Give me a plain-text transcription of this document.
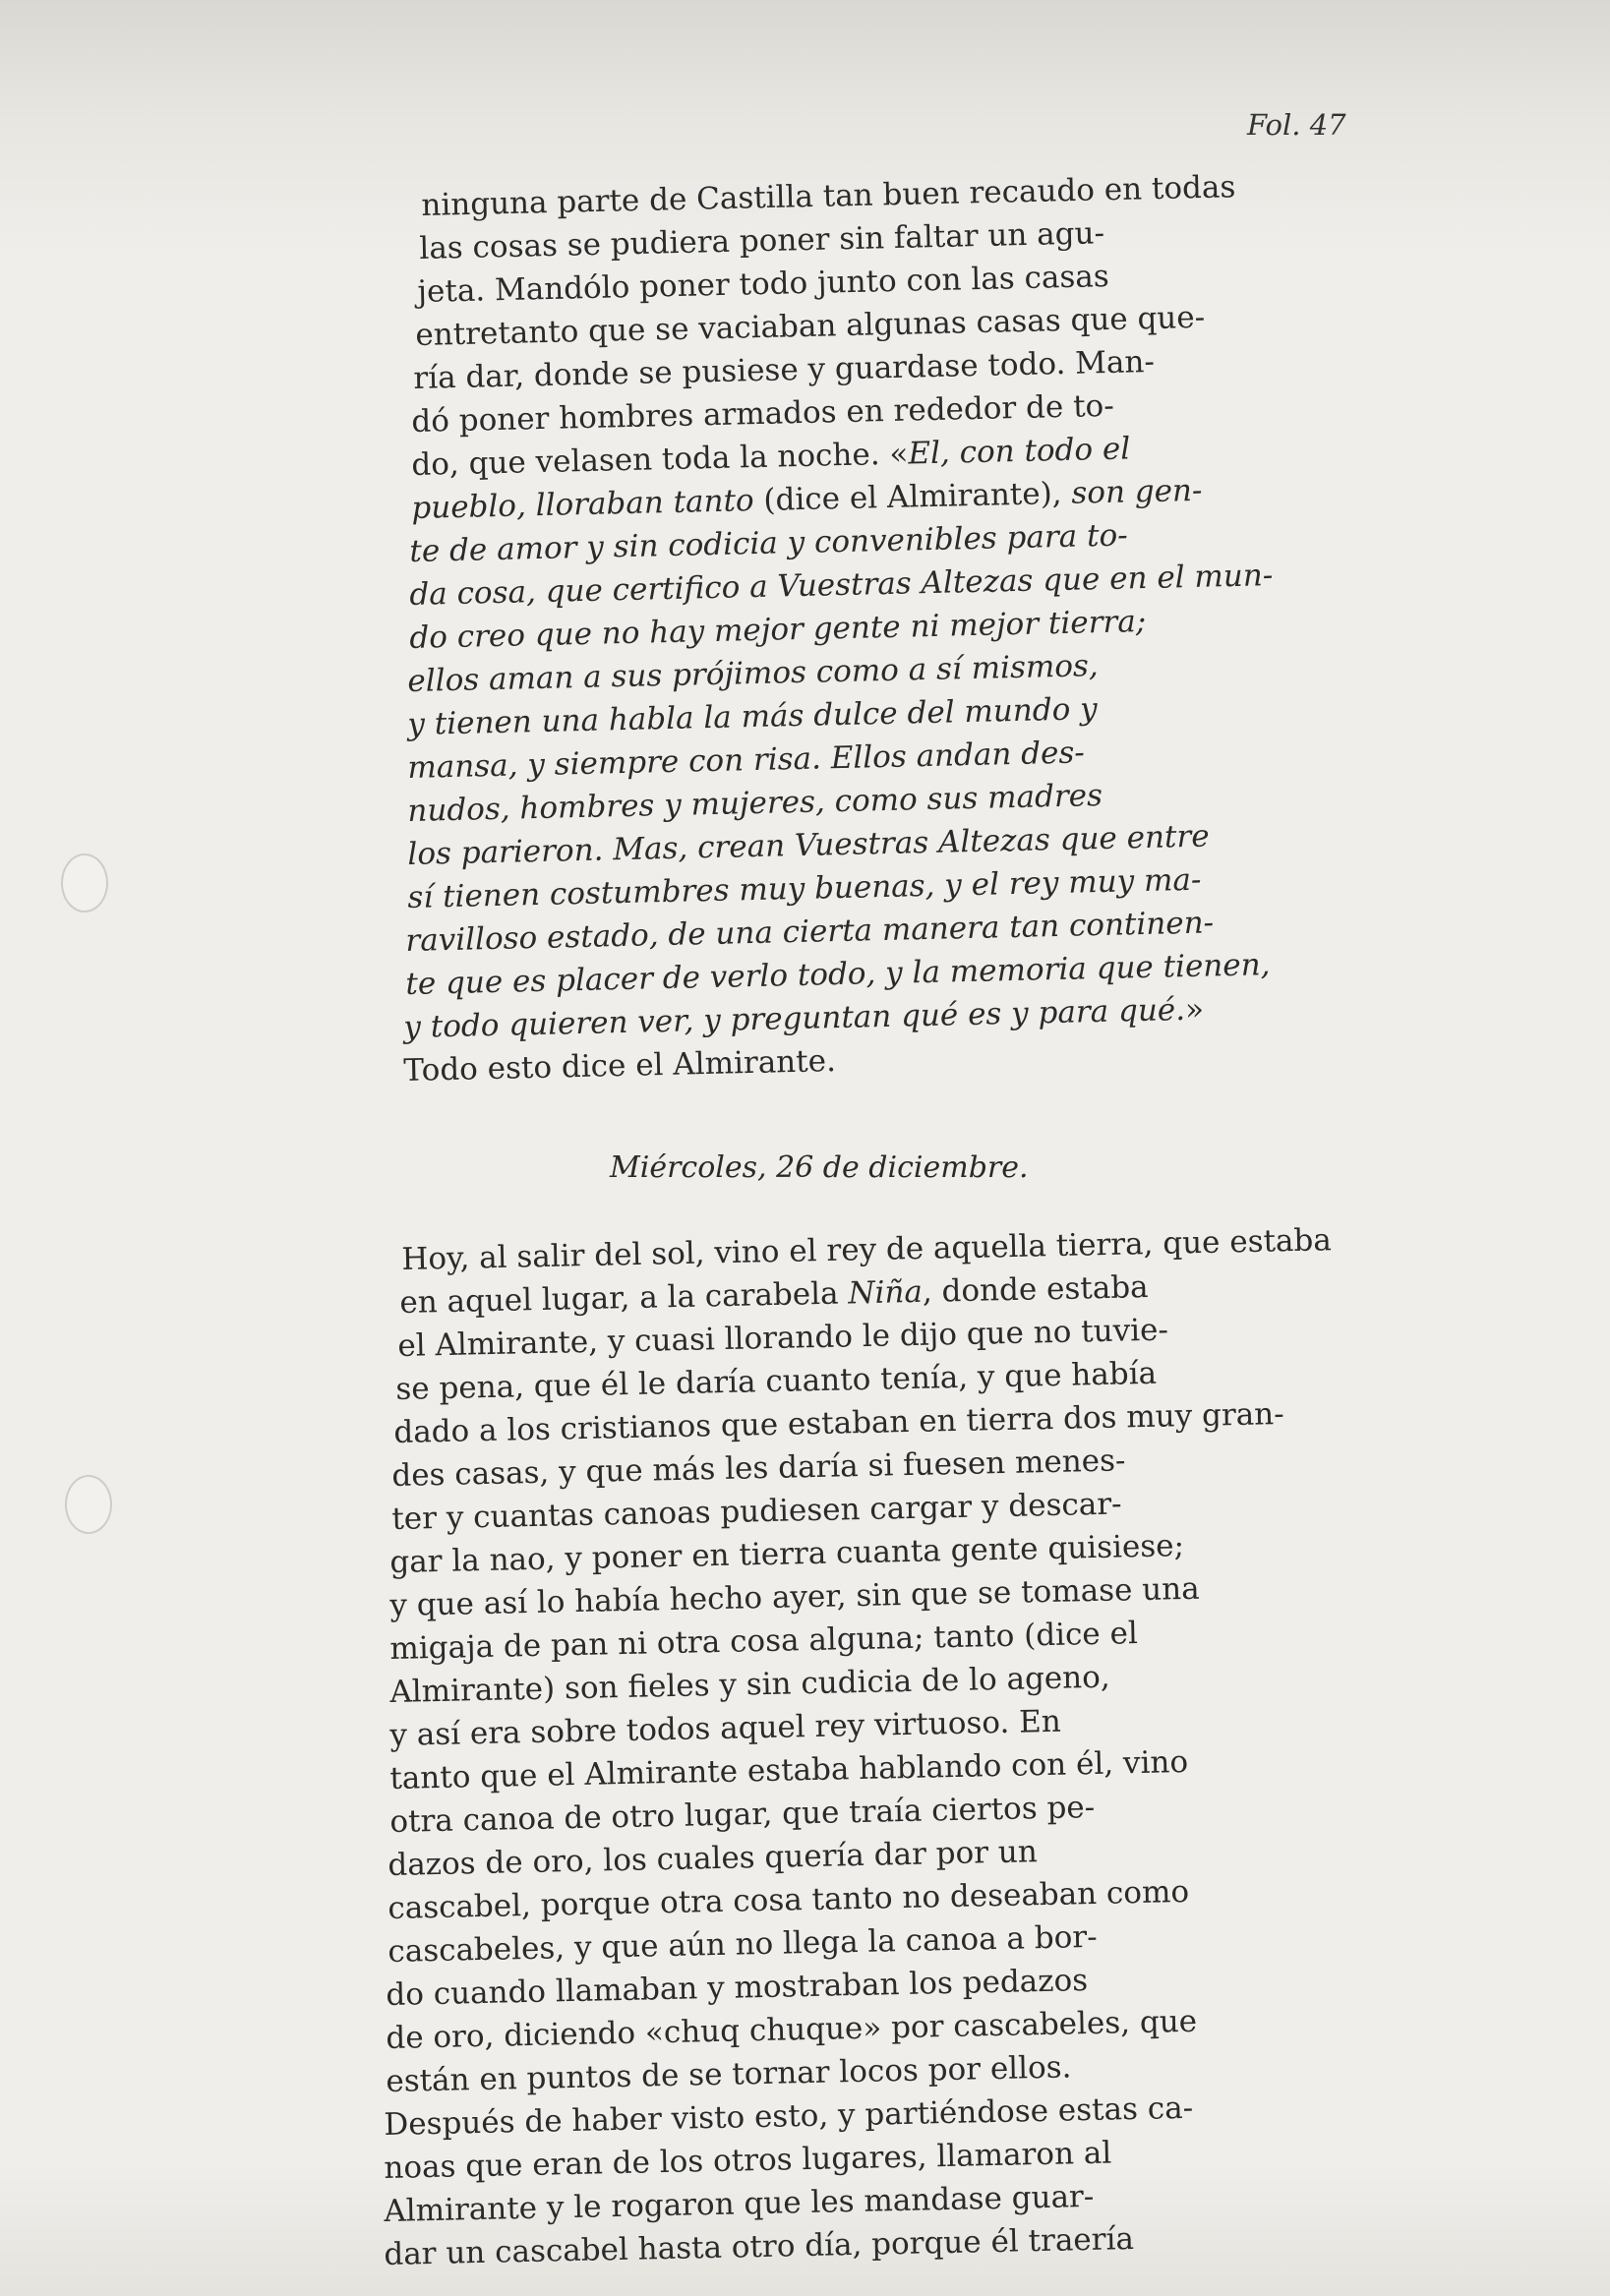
Fol. 47
ninguna parte de Castilla tan buen recaudo en todas
las cosas se pudiera poner sin faltar un agu-
jeta. Mandólo poner todo junto con las casas
entretanto que se vaciaban algunas casas que que-
ría dar, donde se pusiese y guardase todo. Man-
dó poner hombres armados en rededor de to-
do, que velasen toda la noche. «El, con todo el
pueblo, lloraban tanto (dice el Almirante), son gen-
te de amor y sin codicia y convenibles para to-
da cosa, que certifico a Vuestras Altezas que en el mun-
do creo que no hay mejor gente ni mejor tierra;
ellos aman a sus prójimos como a sí mismos,
y tienen una habla la más dulce del mundo y
mansa, y siempre con risa. Ellos andan des-
nudos, hombres y mujeres, como sus madres
los parieron. Mas, crean Vuestras Altezas que entre
sí tienen costumbres muy buenas, y el rey muy ma-
ravilloso estado, de una cierta manera tan continen-
te que es placer de verlo todo, y la memoria que tienen,
y todo quieren ver, y preguntan qué es y para qué.»
Todo esto dice el Almirante.
Miércoles, 26 de diciembre.
Hoy, al salir del sol, vino el rey de aquella tierra, que estaba
en aquel lugar, a la carabela Niña, donde estaba
el Almirante, y cuasi llorando le dijo que no tuvie-
se pena, que él le daría cuanto tenía, y que había
dado a los cristianos que estaban en tierra dos muy gran-
des casas, y que más les daría si fuesen menes-
ter y cuantas canoas pudiesen cargar y descar-
gar la nao, y poner en tierra cuanta gente quisiese;
y que así lo había hecho ayer, sin que se tomase una
migaja de pan ni otra cosa alguna; tanto (dice el
Almirante) son fieles y sin cudicia de lo ageno,
y así era sobre todos aquel rey virtuoso. En
tanto que el Almirante estaba hablando con él, vino
otra canoa de otro lugar, que traía ciertos pe-
dazos de oro, los cuales quería dar por un
cascabel, porque otra cosa tanto no deseaban como
cascabeles, y que aún no llega la canoa a bor-
do cuando llamaban y mostraban los pedazos
de oro, diciendo «chuq chuque» por cascabeles, que
están en puntos de se tornar locos por ellos.
Después de haber visto esto, y partiéndose estas ca-
noas que eran de los otros lugares, llamaron al
Almirante y le rogaron que les mandase guar-
dar un cascabel hasta otro día, porque él traería
